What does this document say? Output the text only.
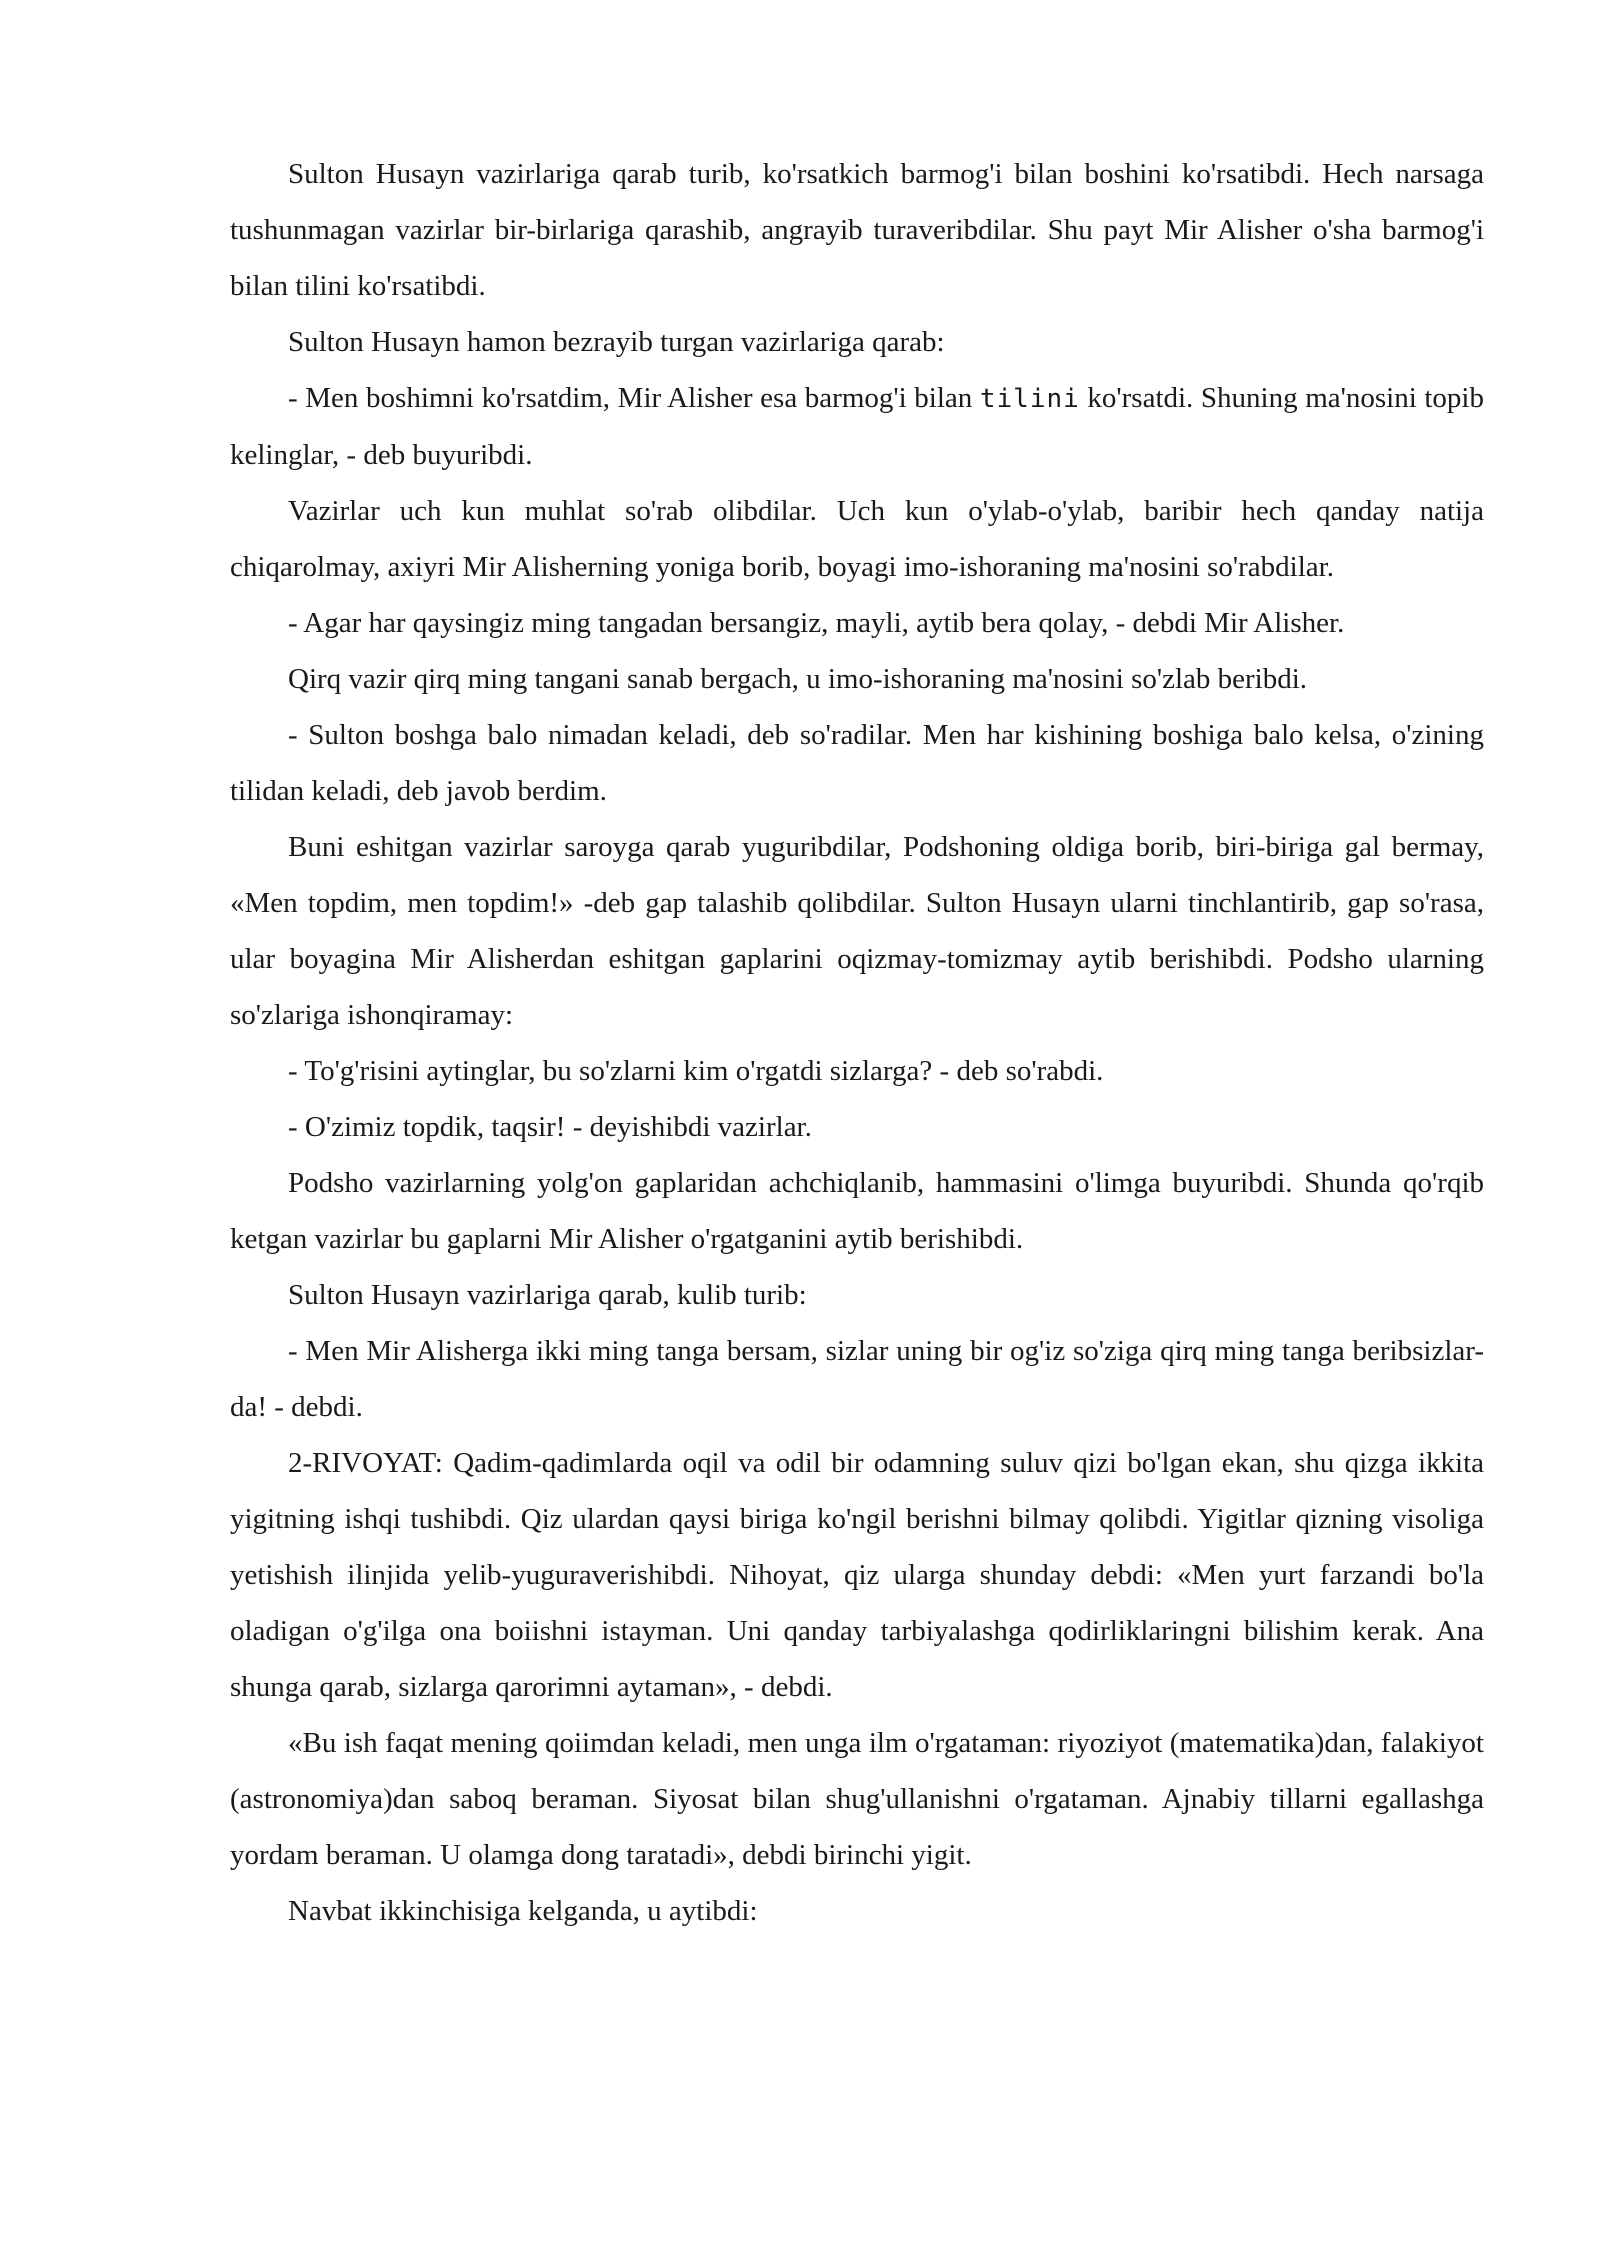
Sulton Husayn vazirlariga qarab turib, ko'rsatkich barmog'i bilan boshini ko'rsatibdi. Hech narsaga tushunmagan vazirlar bir-birlariga qarashib, angrayib turaveribdilar. Shu payt Mir Alisher o'sha barmog'i bilan tilini ko'rsatibdi.

Sulton Husayn hamon bezrayib turgan vazirlariga qarab:

- Men boshimni ko'rsatdim, Mir Alisher esa barmog'i bilan tilini ko'rsatdi. Shuning ma'nosini topib kelinglar, - deb buyuribdi.

Vazirlar uch kun muhlat so'rab olibdilar. Uch kun o'ylab-o'ylab, baribir hech qanday natija chiqarolmay, axiyri Mir Alisherning yoniga borib, boyagi imo-ishoraning ma'nosini so'rabdilar.

- Agar har qaysingiz ming tangadan bersangiz, mayli, aytib bera qolay, - debdi Mir Alisher.

Qirq vazir qirq ming tangani sanab bergach, u imo-ishoraning ma'nosini so'zlab beribdi.

- Sulton boshga balo nimadan keladi, deb so'radilar. Men har kishining boshiga balo kelsa, o'zining tilidan keladi, deb javob berdim.

Buni eshitgan vazirlar saroyga qarab yuguribdilar, Podshoning oldiga borib, biri-biriga gal bermay, «Men topdim, men topdim!» -deb gap talashib qolibdilar. Sulton Husayn ularni tinchlantirib, gap so'rasa, ular boyagina Mir Alisherdan eshitgan gaplarini oqizmay-tomizmay aytib berishibdi. Podsho ularning so'zlariga ishonqiramay:

- To'g'risini aytinglar, bu so'zlarni kim o'rgatdi sizlarga? - deb so'rabdi.

- O'zimiz topdik, taqsir! - deyishibdi vazirlar.

Podsho vazirlarning yolg'on gaplaridan achchiqlanib, hammasini o'limga buyuribdi. Shunda qo'rqib ketgan vazirlar bu gaplarni Mir Alisher o'rgatganini aytib berishibdi.

Sulton Husayn vazirlariga qarab, kulib turib:

- Men Mir Alisherga ikki ming tanga bersam, sizlar uning bir og'iz so'ziga qirq ming tanga beribsizlar-da! - debdi.

2-RIVOYAT: Qadim-qadimlarda oqil va odil bir odamning suluv qizi bo'lgan ekan, shu qizga ikkita yigitning ishqi tushibdi. Qiz ulardan qaysi biriga ko'ngil berishni bilmay qolibdi. Yigitlar qizning visoliga yetishish ilinjida yelib-yuguraverishibdi. Nihoyat, qiz ularga shunday debdi: «Men yurt farzandi bo'la oladigan o'g'ilga ona boiishni istayman. Uni qanday tarbiyalashga qodirliklaringni bilishim kerak. Ana shunga qarab, sizlarga qarorimni aytaman», - debdi.

«Bu ish faqat mening qoiimdan keladi, men unga ilm o'rgataman: riyoziyot (matematika)dan, falakiyot (astronomiya)dan saboq beraman. Siyosat bilan shug'ullanishni o'rgataman. Ajnabiy tillarni egallashga yordam beraman. U olamga dong taratadi», debdi birinchi yigit.

Navbat ikkinchisiga kelganda, u aytibdi:
